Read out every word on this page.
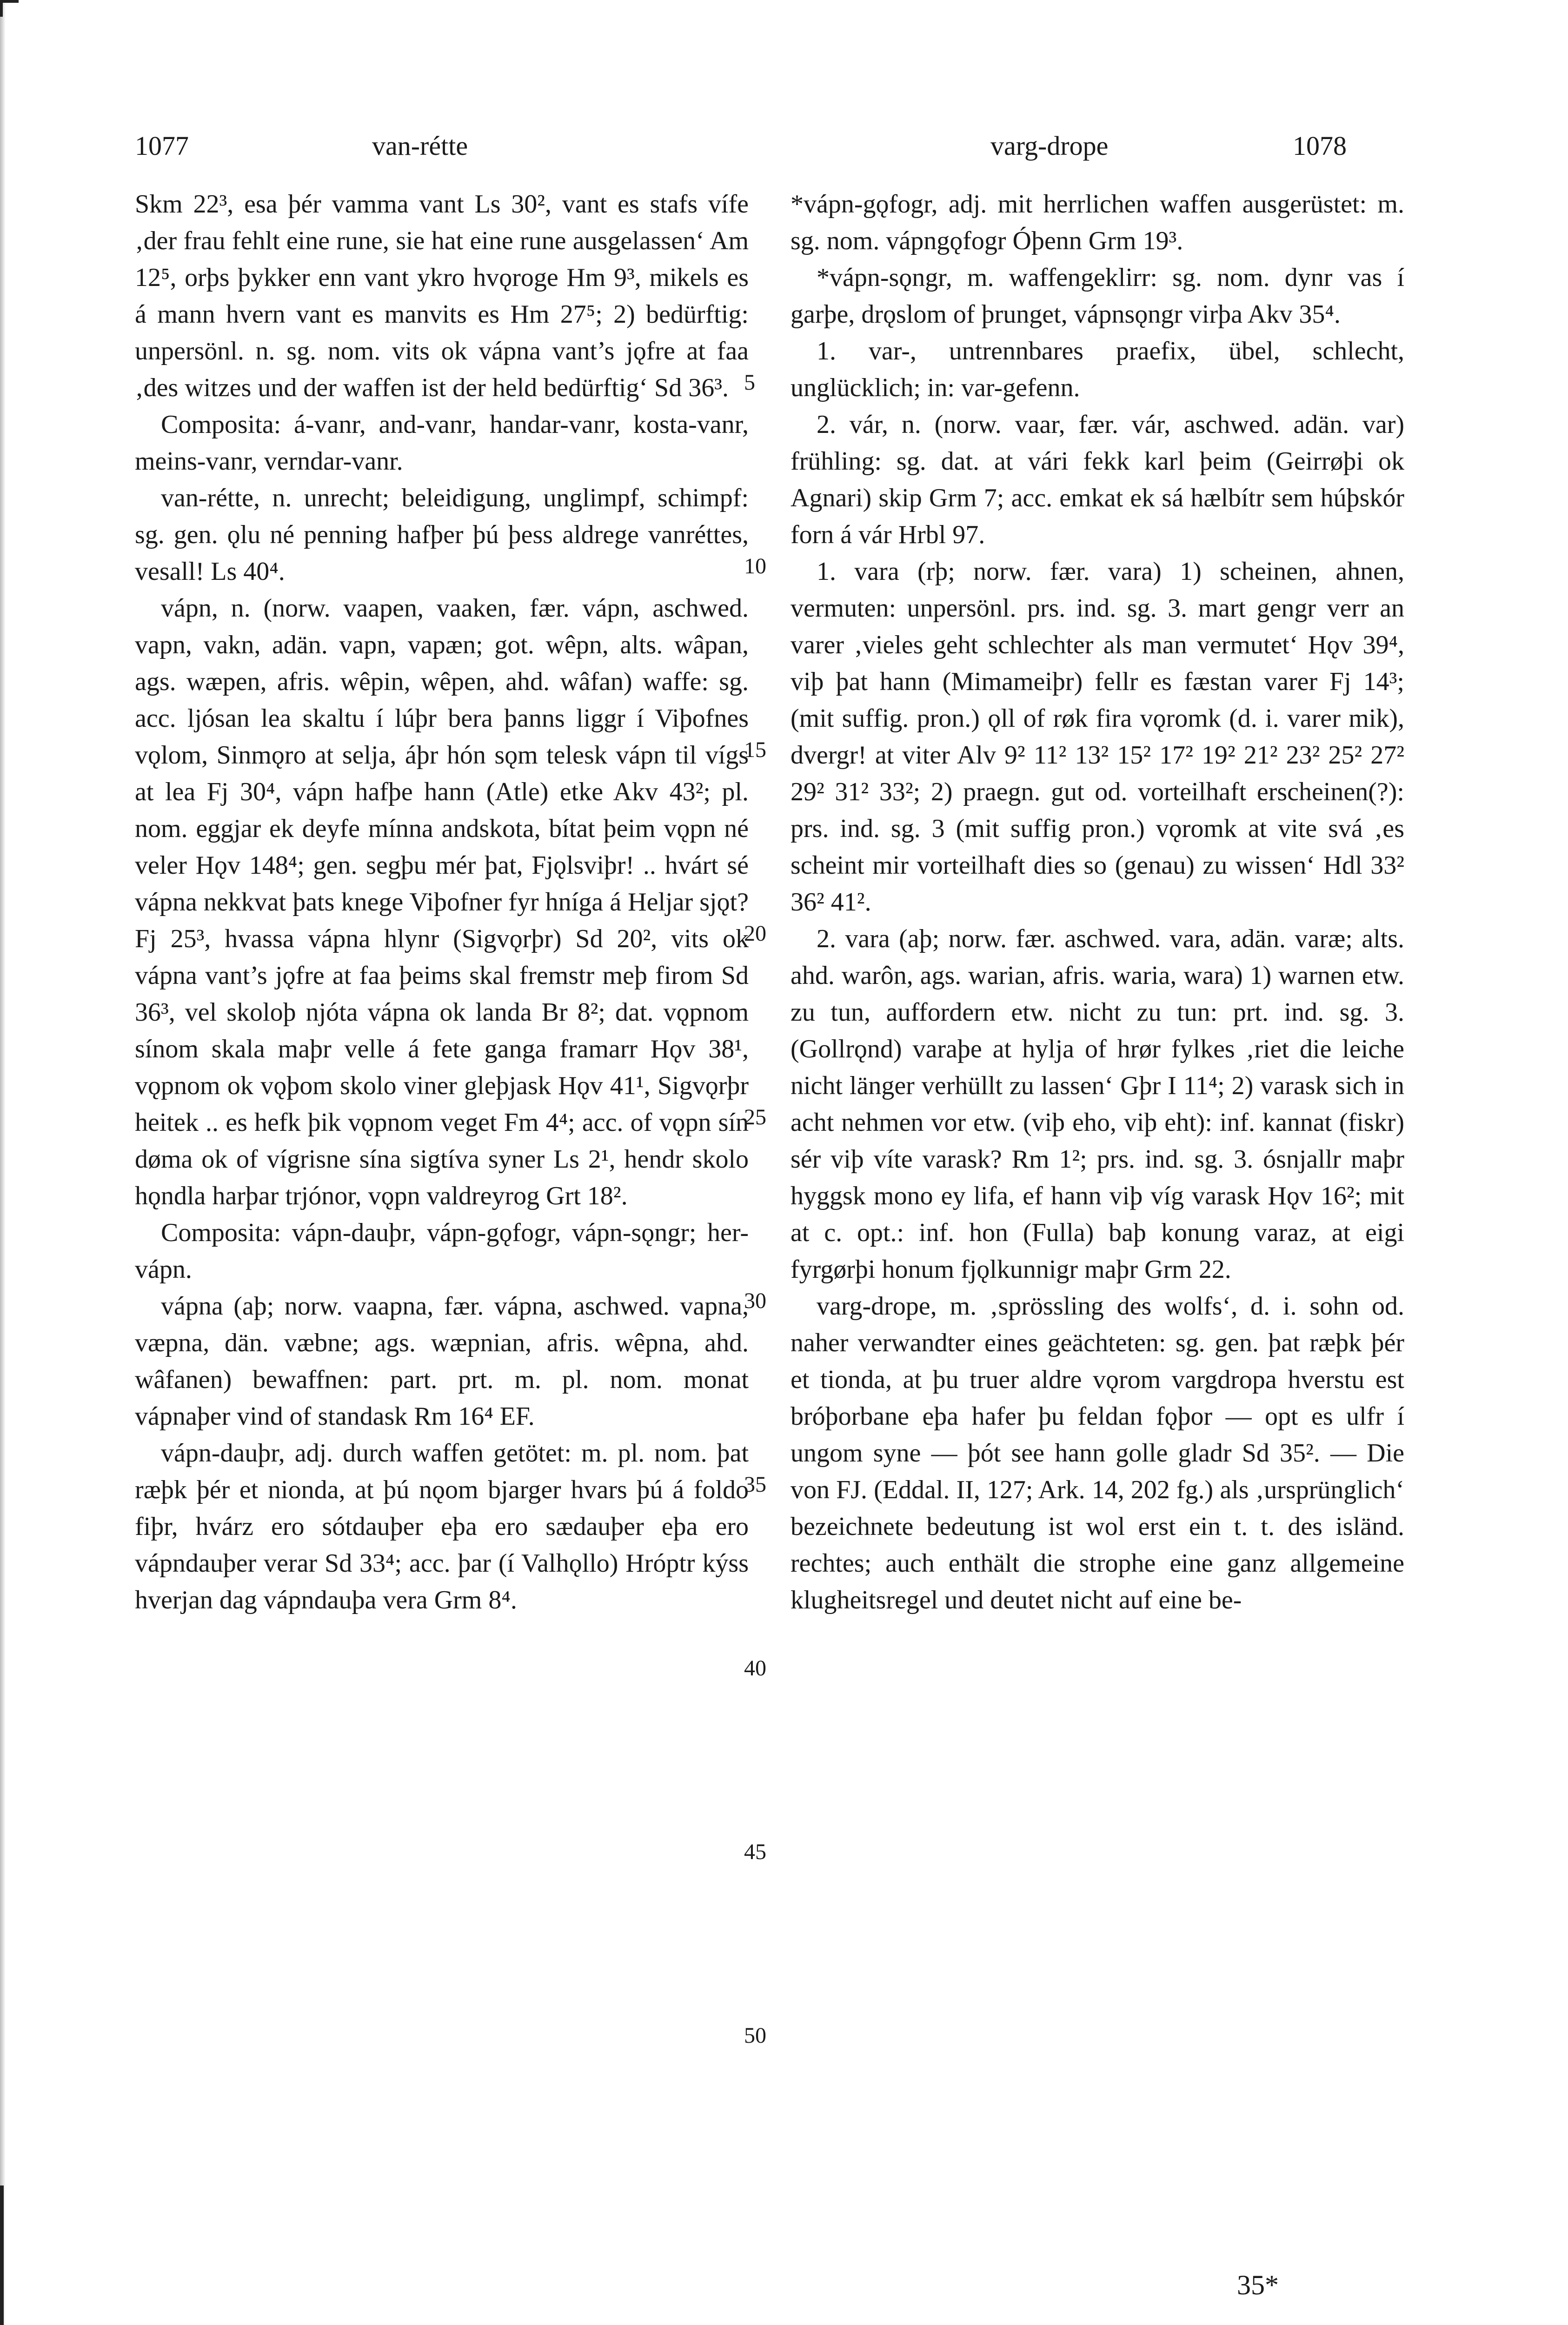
1077	van-rétte	varg-drope	1078

Skm 22³, esa þér vamma vant Ls 30², vant es stafs vífe ‚der frau fehlt eine rune, sie hat eine rune ausgelassen‘ Am 12⁵, orþs þykker enn vant ykro hvǫroge Hm 9³, mikels es á mann hvern vant es manvits es Hm 27⁵; 2) bedürftig: unpersönl. n. sg. nom. vits ok vápna vant’s jǫfre at faa ‚des witzes und der waffen ist der held bedürftig‘ Sd 36³.

Composita: á-vanr, and-vanr, handar-vanr, kosta-vanr, meins-vanr, verndar-vanr.

van-rétte, n. unrecht; beleidigung, unglimpf, schimpf: sg. gen. ǫlu né penning hafþer þú þess aldrege vanréttes, vesall! Ls 40⁴.

vápn, n. (norw. vaapen, vaaken, fær. vápn, aschwed. vapn, vakn, adän. vapn, vapæn; got. wêpn, alts. wâpan, ags. wæpen, afris. wêpin, wêpen, ahd. wâfan) waffe: sg. acc. ljósan lea skaltu í lúþr bera þanns liggr í Viþofnes vǫlom, Sinmǫro at selja, áþr hón sǫm telesk vápn til vígs at lea Fj 30⁴, vápn hafþe hann (Atle) etke Akv 43²; pl. nom. eggjar ek deyfe mínna andskota, bítat þeim vǫpn né veler Hǫv 148⁴; gen. segþu mér þat, Fjǫlsviþr! .. hvárt sé vápna nekkvat þats knege Viþofner fyr hníga á Heljar sjǫt? Fj 25³, hvassa vápna hlynr (Sigvǫrþr) Sd 20², vits ok vápna vant’s jǫfre at faa þeims skal fremstr meþ firom Sd 36³, vel skoloþ njóta vápna ok landa Br 8²; dat. vǫpnom sínom skala maþr velle á fete ganga framarr Hǫv 38¹, vǫpnom ok vǫþom skolo viner gleþjask Hǫv 41¹, Sigvǫrþr heitek .. es hefk þik vǫpnom veget Fm 4⁴; acc. of vǫpn sín døma ok of vígrisne sína sigtíva syner Ls 2¹, hendr skolo hǫndla harþar trjónor, vǫpn valdreyrog Grt 18².

Composita: vápn-dauþr, vápn-gǫfogr, vápn-sǫngr; her-vápn.

vápna (aþ; norw. vaapna, fær. vápna, aschwed. vapna, væpna, dän. væbne; ags. wæpnian, afris. wêpna, ahd. wâfanen) bewaffnen: part. prt. m. pl. nom. monat vápnaþer vind of standask Rm 16⁴ EF.

vápn-dauþr, adj. durch waffen getötet: m. pl. nom. þat ræþk þér et nionda, at þú nǫom bjarger hvars þú á foldo fiþr, hvárz ero sótdauþer eþa ero sædauþer eþa ero vápndauþer verar Sd 33⁴; acc. þar (í Valhǫllo) Hróptr kýss hverjan dag vápndauþa vera Grm 8⁴.

5
10
15
20
25
30
35
40
45
50

*vápn-gǫfogr, adj. mit herrlichen waffen ausgerüstet: m. sg. nom. vápngǫfogr Óþenn Grm 19³.

*vápn-sǫngr, m. waffengeklirr: sg. nom. dynr vas í garþe, drǫslom of þrunget, vápnsǫngr virþa Akv 35⁴.

1. var-, untrennbares praefix, übel, schlecht, unglücklich; in: var-gefenn.

2. vár, n. (norw. vaar, fær. vár, aschwed. adän. var) frühling: sg. dat. at vári fekk karl þeim (Geirrøþi ok Agnari) skip Grm 7; acc. emkat ek sá hælbítr sem húþskór forn á vár Hrbl 97.

1. vara (rþ; norw. fær. vara) 1) scheinen, ahnen, vermuten: unpersönl. prs. ind. sg. 3. mart gengr verr an varer ‚vieles geht schlechter als man vermutet‘ Hǫv 39⁴, viþ þat hann (Mimameiþr) fellr es fæstan varer Fj 14³; (mit suffig. pron.) ǫll of røk fira vǫromk (d. i. varer mik), dvergr! at viter Alv 9² 11² 13² 15² 17² 19² 21² 23² 25² 27² 29² 31² 33²; 2) praegn. gut od. vorteilhaft erscheinen(?): prs. ind. sg. 3 (mit suffig pron.) vǫromk at vite svá ‚es scheint mir vorteilhaft dies so (genau) zu wissen‘ Hdl 33² 36² 41².

2. vara (aþ; norw. fær. aschwed. vara, adän. varæ; alts. ahd. warôn, ags. warian, afris. waria, wara) 1) warnen etw. zu tun, auffordern etw. nicht zu tun: prt. ind. sg. 3. (Gollrǫnd) varaþe at hylja of hrør fylkes ‚riet die leiche nicht länger verhüllt zu lassen‘ Gþr I 11⁴; 2) varask sich in acht nehmen vor etw. (viþ eho, viþ eht): inf. kannat (fiskr) sér viþ víte varask? Rm 1²; prs. ind. sg. 3. ósnjallr maþr hyggsk mono ey lifa, ef hann viþ víg varask Hǫv 16²; mit at c. opt.: inf. hon (Fulla) baþ konung varaz, at eigi fyrgørþi honum fjǫlkunnigr maþr Grm 22.

varg-drope, m. ‚sprössling des wolfs‘, d. i. sohn od. naher verwandter eines geächteten: sg. gen. þat ræþk þér et tionda, at þu truer aldre vǫrom vargdropa hverstu est bróþorbane eþa hafer þu feldan fǫþor — opt es ulfr í ungom syne — þót see hann golle gladr Sd 35². — Die von FJ. (Eddal. II, 127; Ark. 14, 202 fg.) als ‚ursprünglich‘ bezeichnete bedeutung ist wol erst ein t. t. des isländ. rechtes; auch enthält die strophe eine ganz allgemeine klugheitsregel und deutet nicht auf eine be-

35*
